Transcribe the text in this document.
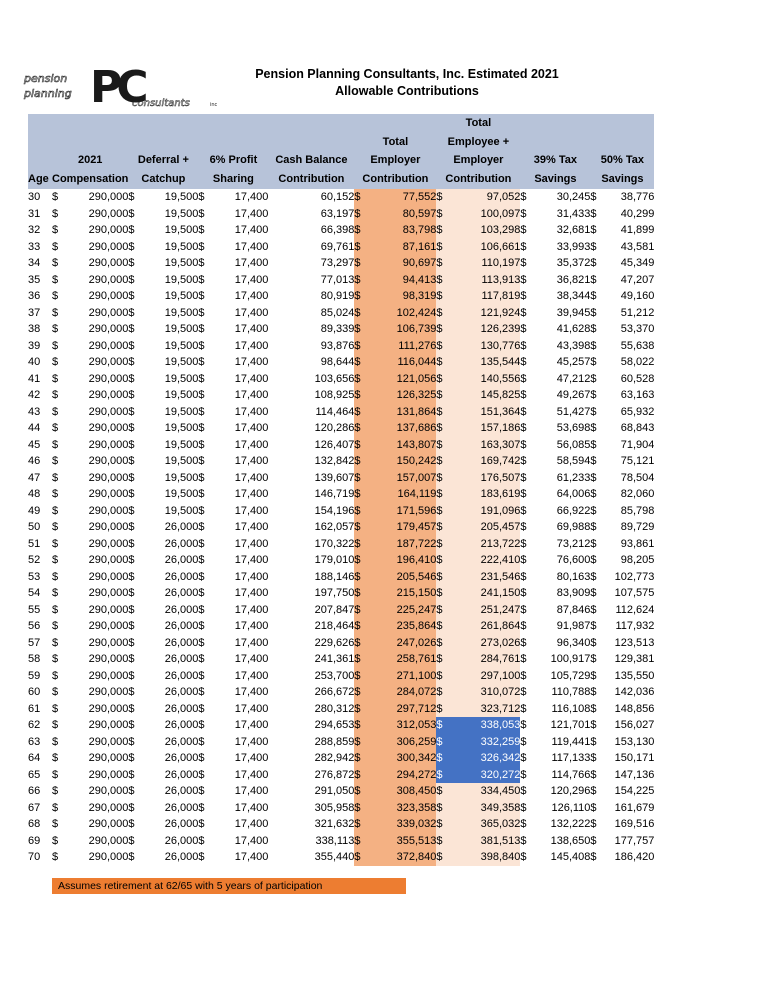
pension
planning PC
consultants	inc
Pension Planning Consultants, Inc. Estimated 2021
Allowable Contributions

										Total					
								Total		Employee +					
	2021		Deferral +		6% Profit		Cash Balance	Employer		Employer		39% Tax		50% Tax	
Age	Compensation		Catchup		Sharing		Contribution	Contribution		Contribution		Savings		Savings	
30	$	290,000	$	19,500	$	17,400	60,152	$	77,552	$	97,052	$	30,245	$	38,776
31	$	290,000	$	19,500	$	17,400	63,197	$	80,597	$	100,097	$	31,433	$	40,299
32	$	290,000	$	19,500	$	17,400	66,398	$	83,798	$	103,298	$	32,681	$	41,899
33	$	290,000	$	19,500	$	17,400	69,761	$	87,161	$	106,661	$	33,993	$	43,581
34	$	290,000	$	19,500	$	17,400	73,297	$	90,697	$	110,197	$	35,372	$	45,349
35	$	290,000	$	19,500	$	17,400	77,013	$	94,413	$	113,913	$	36,821	$	47,207
36	$	290,000	$	19,500	$	17,400	80,919	$	98,319	$	117,819	$	38,344	$	49,160
37	$	290,000	$	19,500	$	17,400	85,024	$	102,424	$	121,924	$	39,945	$	51,212
38	$	290,000	$	19,500	$	17,400	89,339	$	106,739	$	126,239	$	41,628	$	53,370
39	$	290,000	$	19,500	$	17,400	93,876	$	111,276	$	130,776	$	43,398	$	55,638
40	$	290,000	$	19,500	$	17,400	98,644	$	116,044	$	135,544	$	45,257	$	58,022
41	$	290,000	$	19,500	$	17,400	103,656	$	121,056	$	140,556	$	47,212	$	60,528
42	$	290,000	$	19,500	$	17,400	108,925	$	126,325	$	145,825	$	49,267	$	63,163
43	$	290,000	$	19,500	$	17,400	114,464	$	131,864	$	151,364	$	51,427	$	65,932
44	$	290,000	$	19,500	$	17,400	120,286	$	137,686	$	157,186	$	53,698	$	68,843
45	$	290,000	$	19,500	$	17,400	126,407	$	143,807	$	163,307	$	56,085	$	71,904
46	$	290,000	$	19,500	$	17,400	132,842	$	150,242	$	169,742	$	58,594	$	75,121
47	$	290,000	$	19,500	$	17,400	139,607	$	157,007	$	176,507	$	61,233	$	78,504
48	$	290,000	$	19,500	$	17,400	146,719	$	164,119	$	183,619	$	64,006	$	82,060
49	$	290,000	$	19,500	$	17,400	154,196	$	171,596	$	191,096	$	66,922	$	85,798
50	$	290,000	$	26,000	$	17,400	162,057	$	179,457	$	205,457	$	69,988	$	89,729
51	$	290,000	$	26,000	$	17,400	170,322	$	187,722	$	213,722	$	73,212	$	93,861
52	$	290,000	$	26,000	$	17,400	179,010	$	196,410	$	222,410	$	76,600	$	98,205
53	$	290,000	$	26,000	$	17,400	188,146	$	205,546	$	231,546	$	80,163	$	102,773
54	$	290,000	$	26,000	$	17,400	197,750	$	215,150	$	241,150	$	83,909	$	107,575
55	$	290,000	$	26,000	$	17,400	207,847	$	225,247	$	251,247	$	87,846	$	112,624
56	$	290,000	$	26,000	$	17,400	218,464	$	235,864	$	261,864	$	91,987	$	117,932
57	$	290,000	$	26,000	$	17,400	229,626	$	247,026	$	273,026	$	96,340	$	123,513
58	$	290,000	$	26,000	$	17,400	241,361	$	258,761	$	284,761	$	100,917	$	129,381
59	$	290,000	$	26,000	$	17,400	253,700	$	271,100	$	297,100	$	105,729	$	135,550
60	$	290,000	$	26,000	$	17,400	266,672	$	284,072	$	310,072	$	110,788	$	142,036
61	$	290,000	$	26,000	$	17,400	280,312	$	297,712	$	323,712	$	116,108	$	148,856
62	$	290,000	$	26,000	$	17,400	294,653	$	312,053	$	338,053	$	121,701	$	156,027
63	$	290,000	$	26,000	$	17,400	288,859	$	306,259	$	332,259	$	119,441	$	153,130
64	$	290,000	$	26,000	$	17,400	282,942	$	300,342	$	326,342	$	117,133	$	150,171
65	$	290,000	$	26,000	$	17,400	276,872	$	294,272	$	320,272	$	114,766	$	147,136
66	$	290,000	$	26,000	$	17,400	291,050	$	308,450	$	334,450	$	120,296	$	154,225
67	$	290,000	$	26,000	$	17,400	305,958	$	323,358	$	349,358	$	126,110	$	161,679
68	$	290,000	$	26,000	$	17,400	321,632	$	339,032	$	365,032	$	132,222	$	169,516
69	$	290,000	$	26,000	$	17,400	338,113	$	355,513	$	381,513	$	138,650	$	177,757
70	$	290,000	$	26,000	$	17,400	355,440	$	372,840	$	398,840	$	145,408	$	186,420
Assumes retirement at 62/65 with 5 years of participation
